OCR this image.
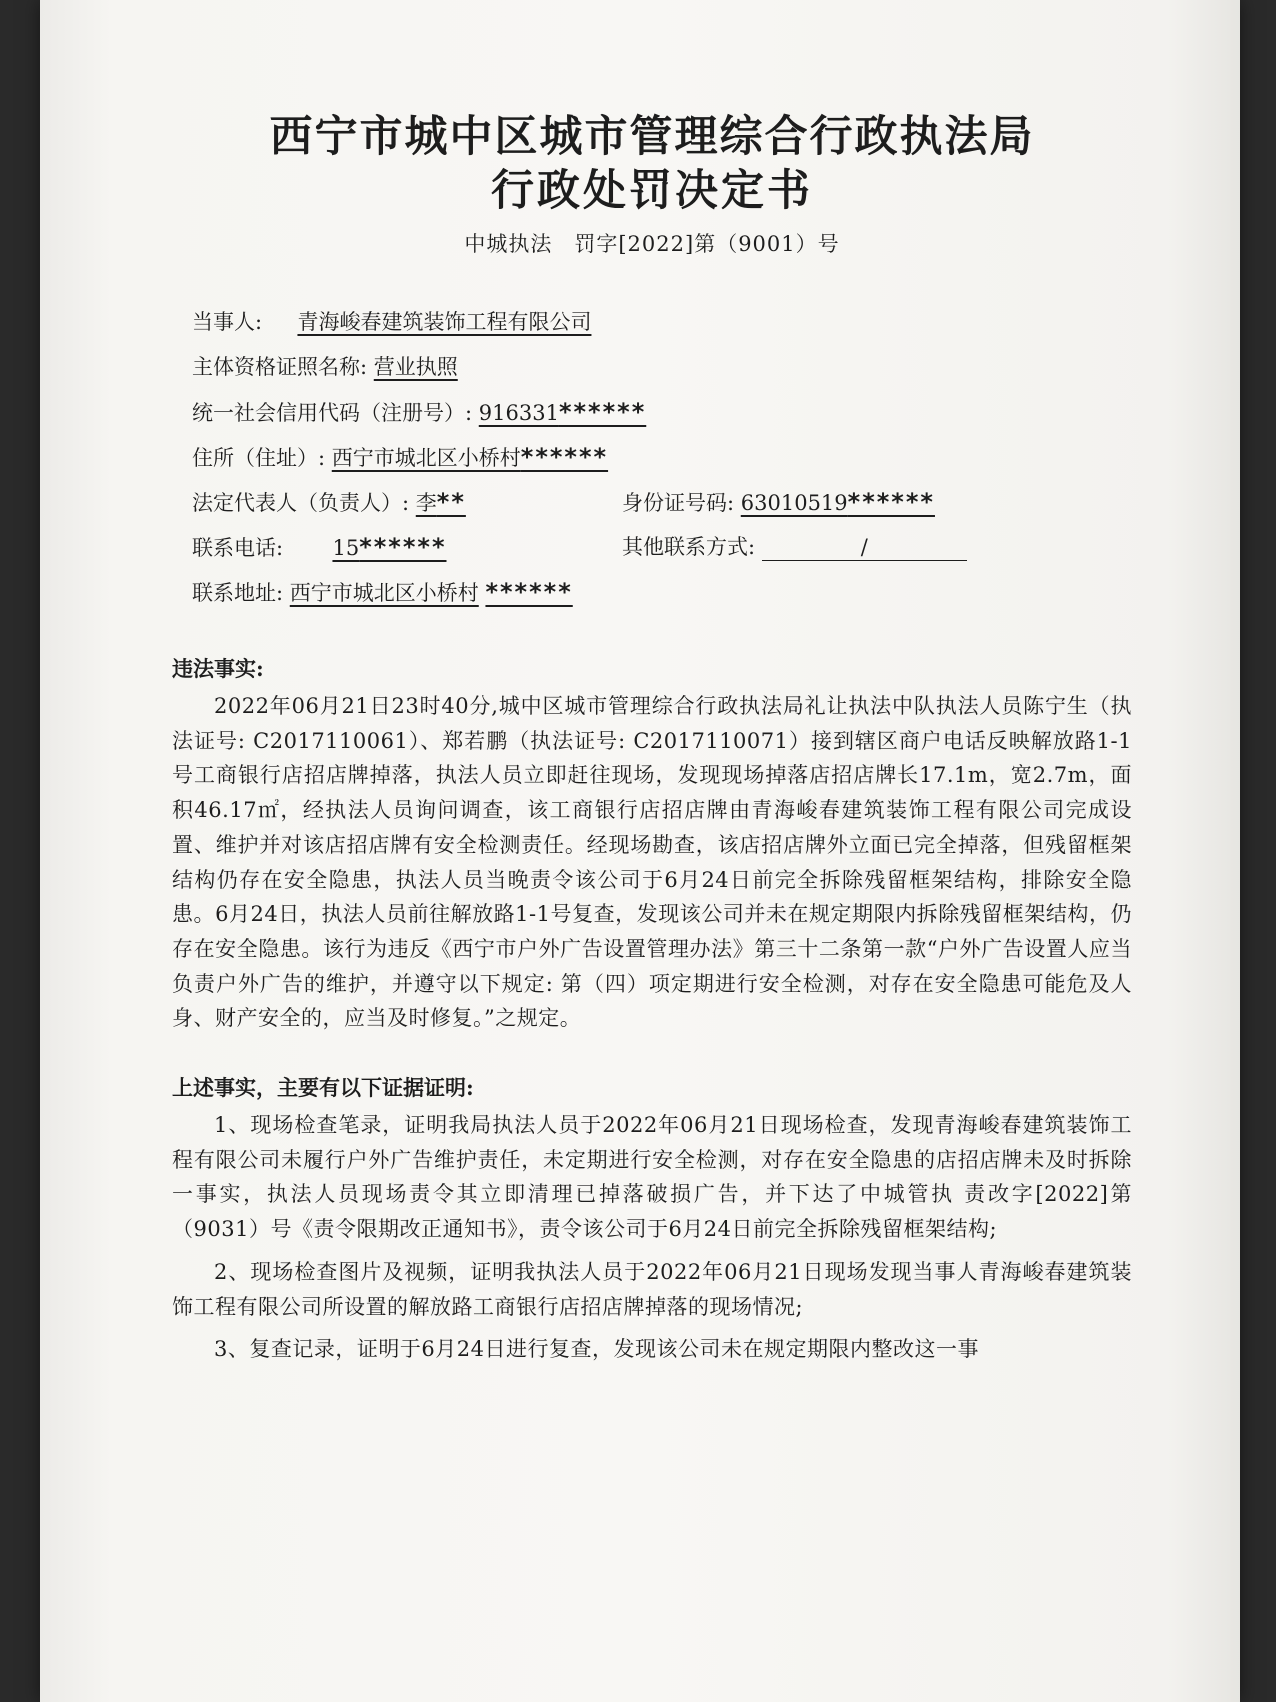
西宁市城中区城市管理综合行政执法局
行政处罚决定书
中城执法　罚字[2022]第（9001）号
当事人: 青海峻春建筑装饰工程有限公司
主体资格证照名称: 营业执照
统一社会信用代码（注册号）: 916331******
住所（住址）: 西宁市城北区小桥村******
法定代表人（负责人）: 李**	身份证号码: 63010519******
联系电话: 15******	其他联系方式:	/
联系地址: 西宁市城北区小桥村 ******
违法事实:

2022年06月21日23时40分,城中区城市管理综合行政执法局礼让执法中队执法人员陈宁生（执法证号: C2017110061）、郑若鹏（执法证号: C2017110071）接到辖区商户电话反映解放路1-1号工商银行店招店牌掉落，执法人员立即赶往现场，发现现场掉落店招店牌长17.1m，宽2.7m，面积46.17㎡，经执法人员询问调查，该工商银行店招店牌由青海峻春建筑装饰工程有限公司完成设置、维护并对该店招店牌有安全检测责任。经现场勘查，该店招店牌外立面已完全掉落，但残留框架结构仍存在安全隐患，执法人员当晚责令该公司于6月24日前完全拆除残留框架结构，排除安全隐患。6月24日，执法人员前往解放路1-1号复查，发现该公司并未在规定期限内拆除残留框架结构，仍存在安全隐患。该行为违反《西宁市户外广告设置管理办法》第三十二条第一款“户外广告设置人应当负责户外广告的维护，并遵守以下规定: 第（四）项定期进行安全检测，对存在安全隐患可能危及人身、财产安全的，应当及时修复。”之规定。

上述事实，主要有以下证据证明:

1、现场检查笔录，证明我局执法人员于2022年06月21日现场检查，发现青海峻春建筑装饰工程有限公司未履行户外广告维护责任，未定期进行安全检测，对存在安全隐患的店招店牌未及时拆除一事实，执法人员现场责令其立即清理已掉落破损广告，并下达了中城管执 责改字[2022]第（9031）号《责令限期改正通知书》，责令该公司于6月24日前完全拆除残留框架结构;

2、现场检查图片及视频，证明我执法人员于2022年06月21日现场发现当事人青海峻春建筑装饰工程有限公司所设置的解放路工商银行店招店牌掉落的现场情况;

3、复查记录，证明于6月24日进行复查，发现该公司未在规定期限内整改这一事
